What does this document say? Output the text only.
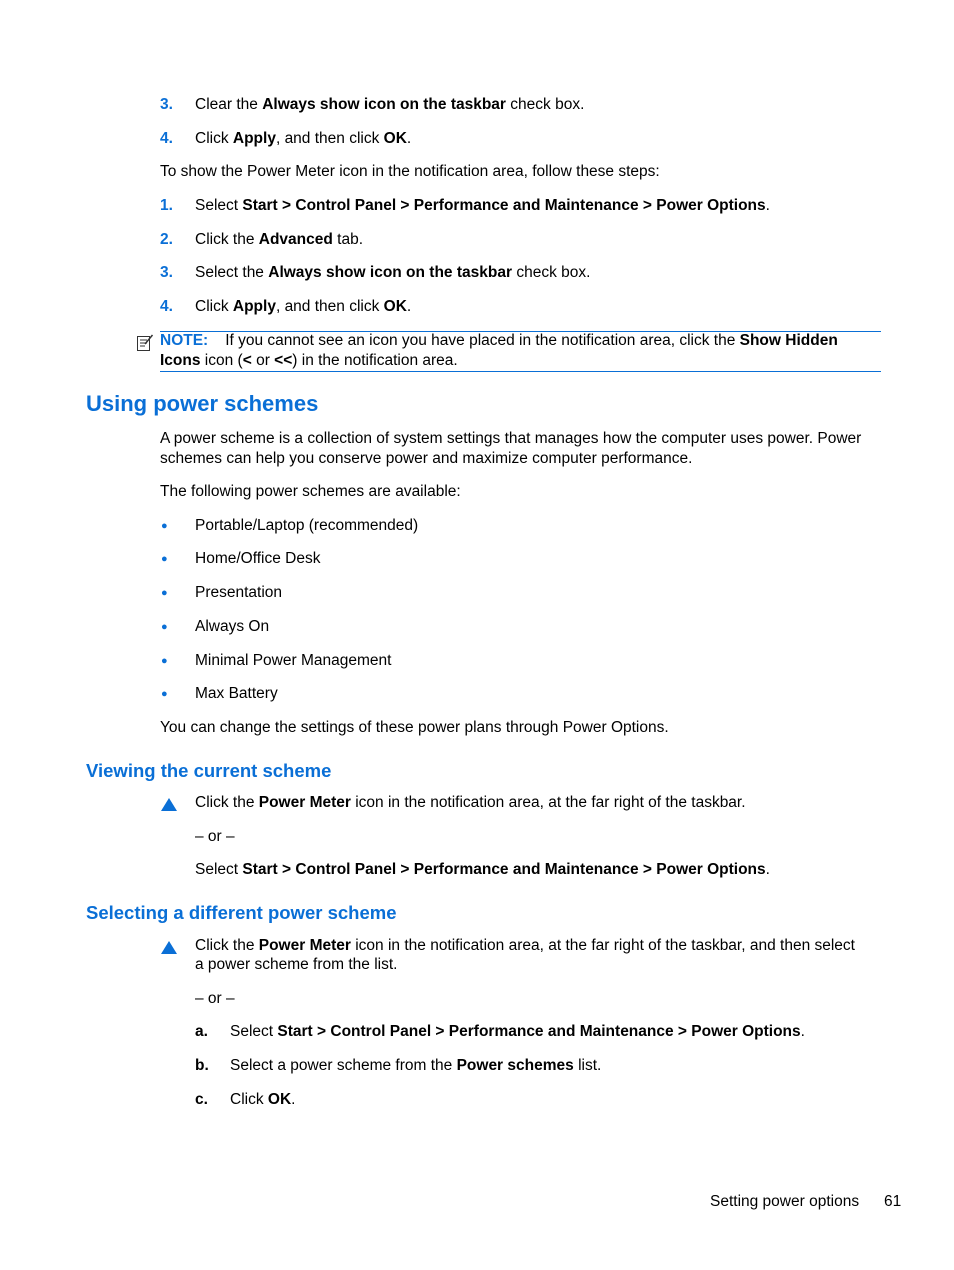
3. Clear the Always show icon on the taskbar check box.
4. Click Apply, and then click OK.
To show the Power Meter icon in the notification area, follow these steps:
1. Select Start > Control Panel > Performance and Maintenance > Power Options.
2. Click the Advanced tab.
3. Select the Always show icon on the taskbar check box.
4. Click Apply, and then click OK.
NOTE: If you cannot see an icon you have placed in the notification area, click the Show Hidden
Icons icon (< or <<) in the notification area.
Using power schemes
A power scheme is a collection of system settings that manages how the computer uses power. Power
schemes can help you conserve power and maximize computer performance.
The following power schemes are available:
● Portable/Laptop (recommended)
● Home/Office Desk
● Presentation
● Always On
● Minimal Power Management
● Max Battery
You can change the settings of these power plans through Power Options.
Viewing the current scheme
Click the Power Meter icon in the notification area, at the far right of the taskbar.
– or –
Select Start > Control Panel > Performance and Maintenance > Power Options.
Selecting a different power scheme
Click the Power Meter icon in the notification area, at the far right of the taskbar, and then select
a power scheme from the list.
– or –
a. Select Start > Control Panel > Performance and Maintenance > Power Options.
b. Select a power scheme from the Power schemes list.
c. Click OK.
Setting power options 61
